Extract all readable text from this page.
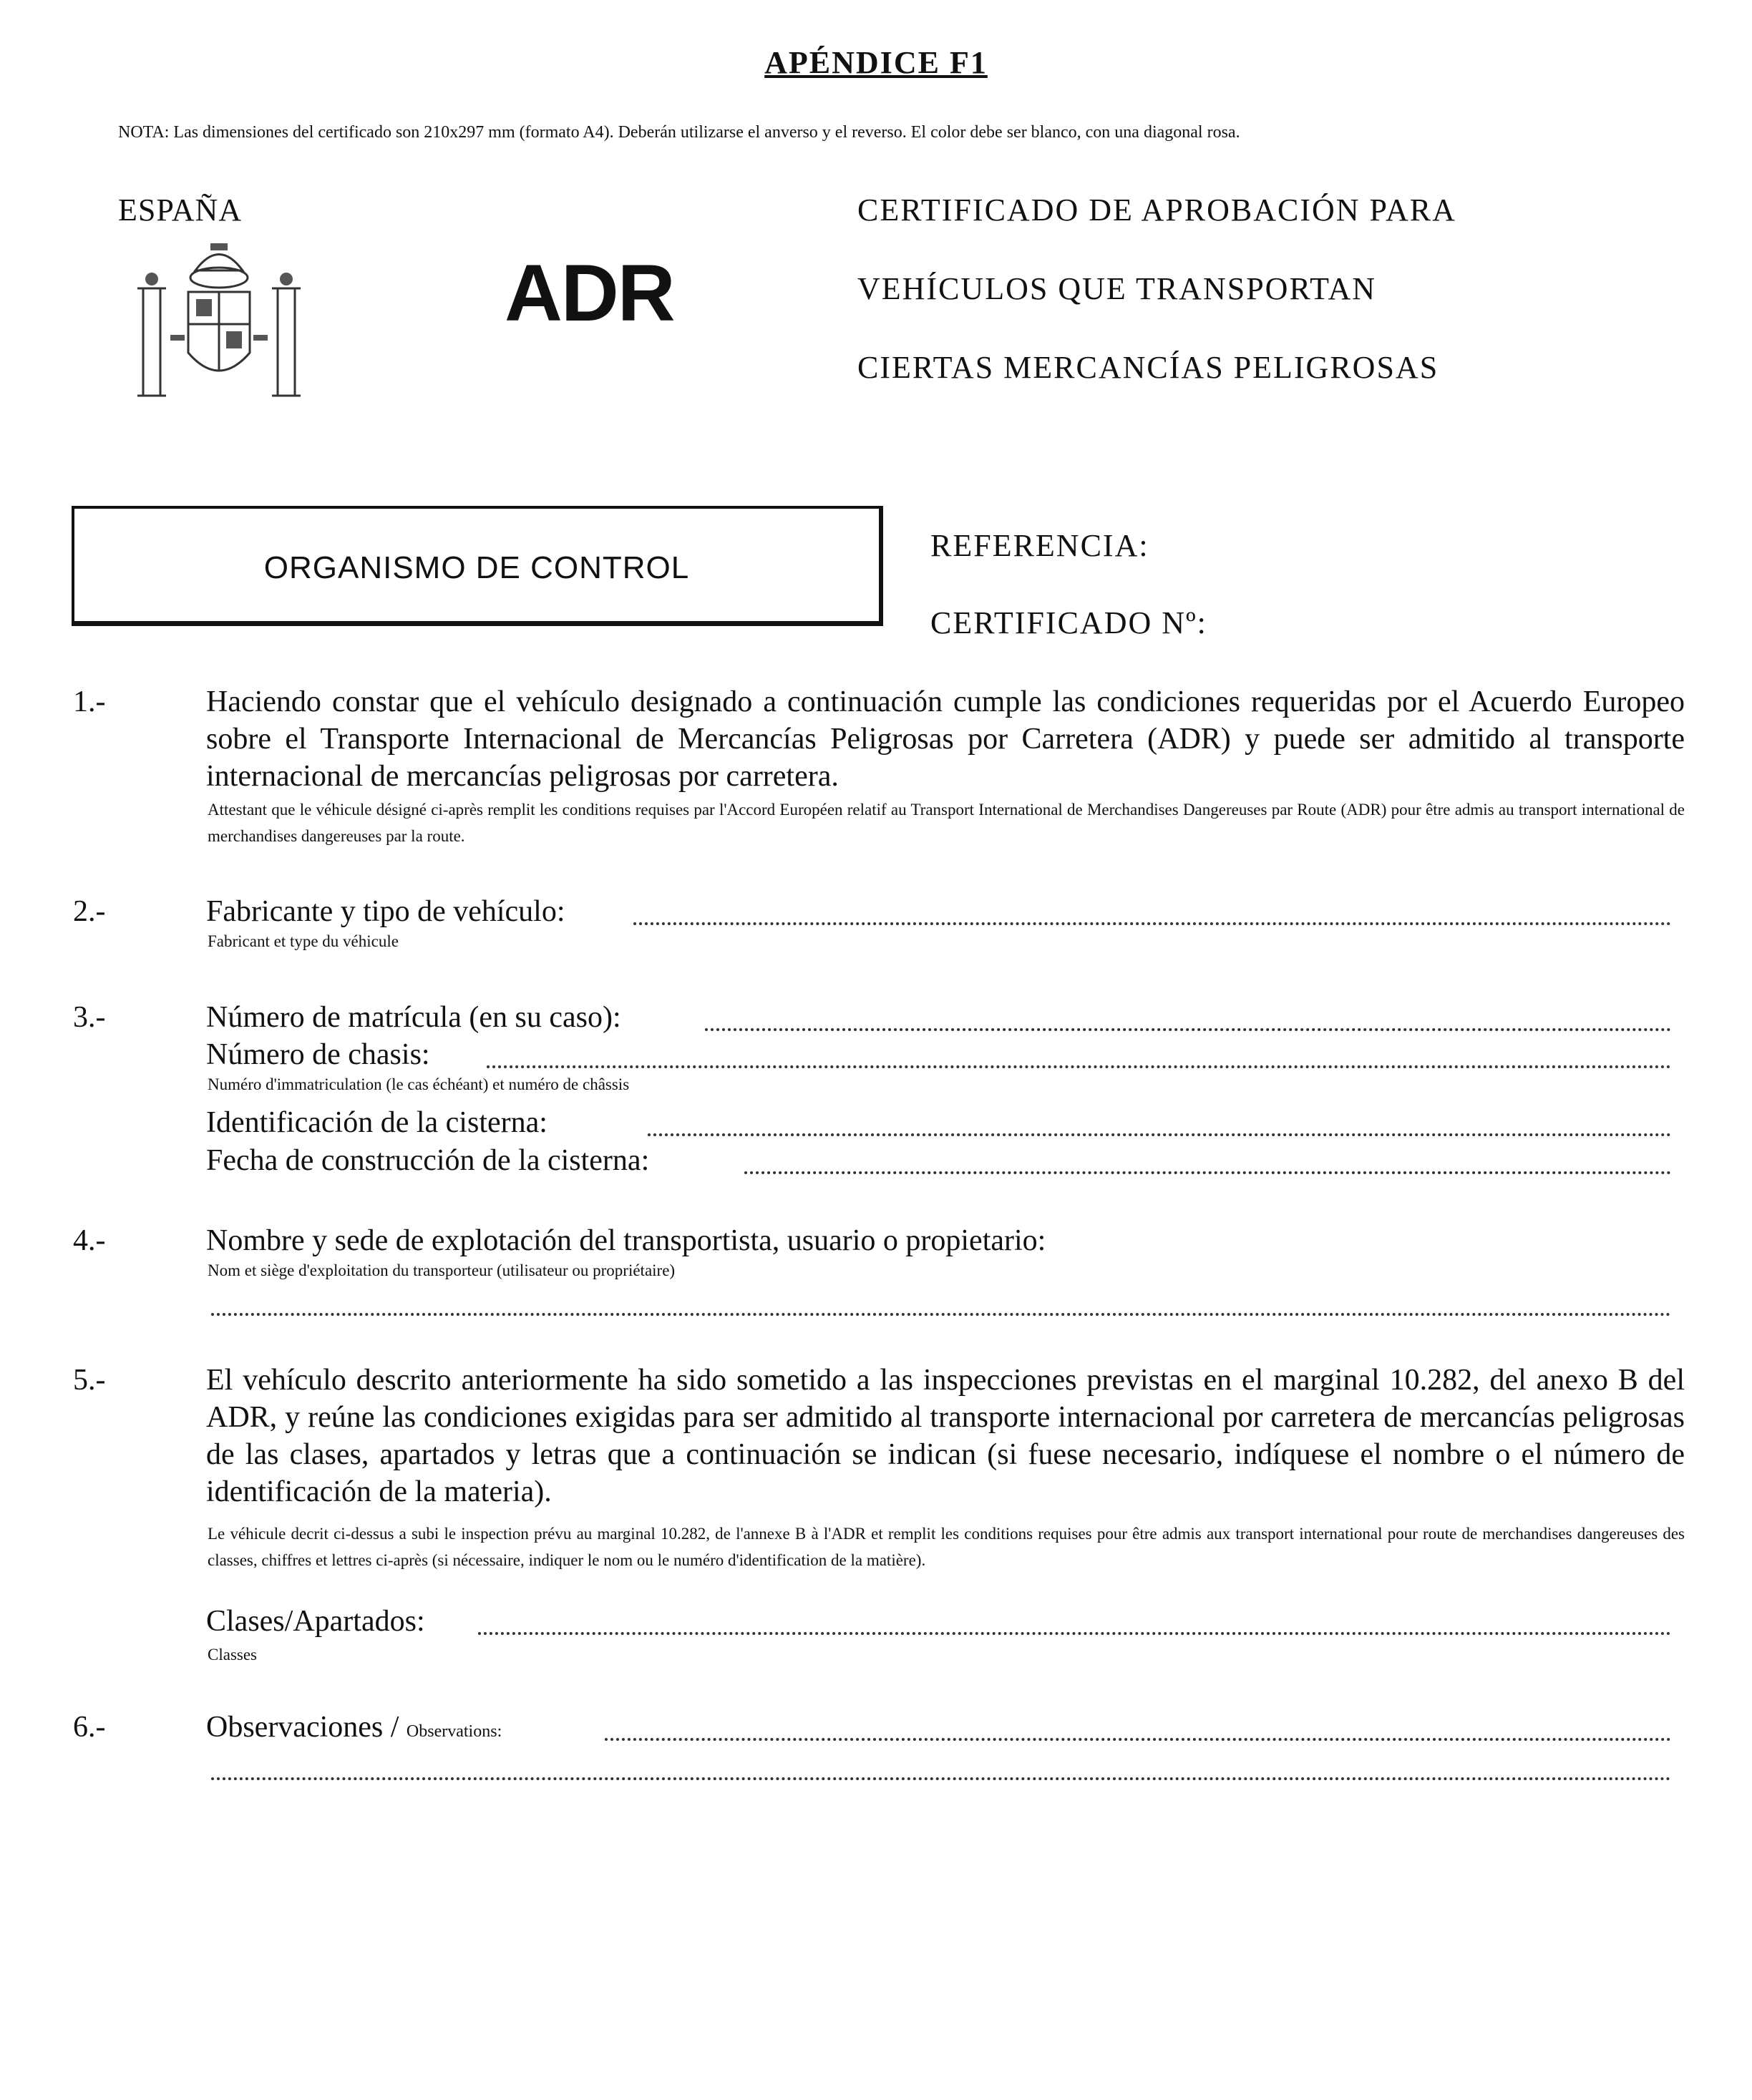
APÉNDICE F1
NOTA: Las dimensiones del certificado son 210x297 mm (formato A4). Deberán utilizarse el anverso y el reverso. El color debe ser blanco, con una diagonal rosa.
ESPAÑA
ADR
CERTIFICADO DE APROBACIÓN PARA
VEHÍCULOS QUE TRANSPORTAN
CIERTAS MERCANCÍAS PELIGROSAS
ORGANISMO DE CONTROL
REFERENCIA:
CERTIFICADO Nº:
1.-	Haciendo constar que el vehículo designado a continuación cumple las condiciones requeridas por el Acuerdo Europeo sobre el Transporte Internacional de Mercancías Peligrosas por Carretera (ADR) y puede ser admitido al transporte internacional de mercancías peligrosas por carretera.
Attestant que le véhicule désigné ci-après remplit les conditions requises par l'Accord Européen relatif au Transport International de Merchandises Dangereuses par Route (ADR) pour être admis au transport international de merchandises dangereuses par la route.
2.-	Fabricante y tipo de vehículo:
Fabricant et type du véhicule
3.-	Número de matrícula (en su caso):
Número de chasis:
Numéro d'immatriculation (le cas échéant) et numéro de châssis
Identificación de la cisterna:
Fecha de construcción de la cisterna:
4.-	Nombre y sede de explotación del transportista, usuario o propietario:
Nom et siège d'exploitation du transporteur (utilisateur ou propriétaire)
5.-	El vehículo descrito anteriormente ha sido sometido a las inspecciones previstas en el marginal 10.282, del anexo B del ADR, y reúne las condiciones exigidas para ser admitido al transporte internacional por carretera de mercancías peligrosas de las clases, apartados y letras que a continuación se indican (si fuese necesario, indíquese el nombre o el número de identificación de la materia).
Le véhicule decrit ci-dessus a subi le inspection prévu au marginal 10.282, de l'annexe B à l'ADR et remplit les conditions requises pour être admis aux transport international pour route de merchandises dangereuses des classes, chiffres et lettres ci-après (si nécessaire, indiquer le nom ou le numéro d'identification de la matière).
Clases/Apartados:
Classes
6.-	Observaciones / Observations:
